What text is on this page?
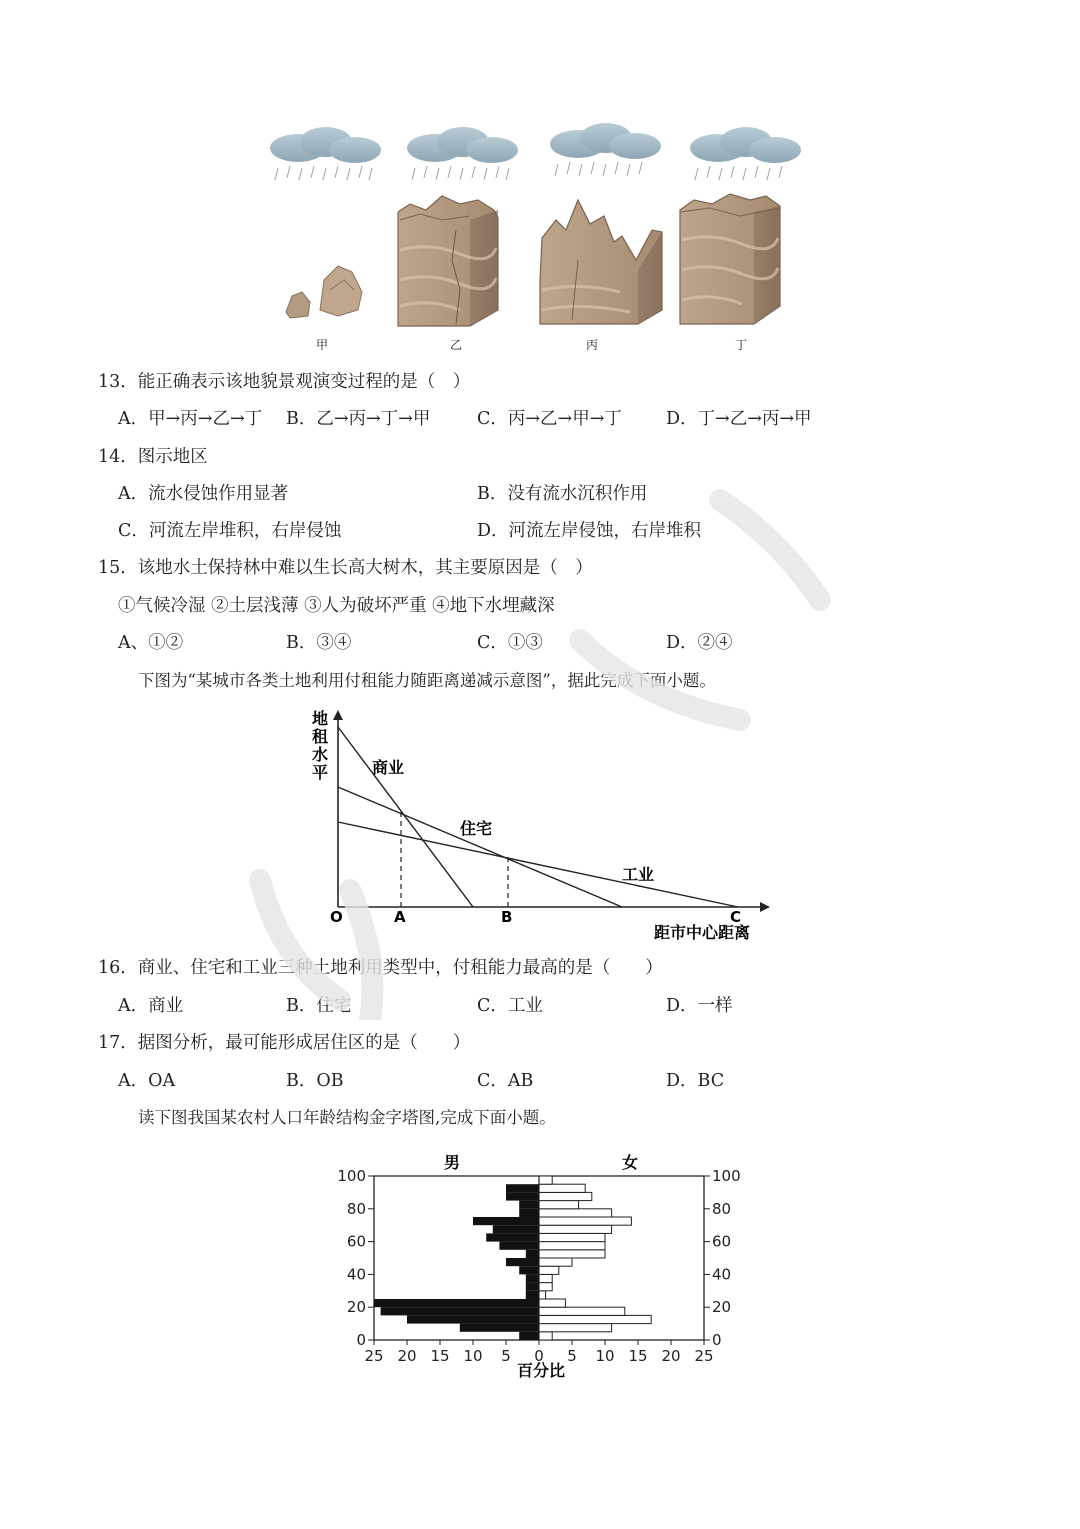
甲	乙	丙	丁
13．能正确表示该地貌景观演变过程的是（　）
A．甲→丙→乙→丁 B．乙→丙→丁→甲	C．丙→乙→甲→丁	D．丁→乙→丙→甲
14．图示地区
A．流水侵蚀作用显著	B．没有流水沉积作用
C．河流左岸堆积，右岸侵蚀	D．河流左岸侵蚀，右岸堆积
15．该地水土保持林中难以生长高大树木，其主要原因是（　）
①气候冷湿 ②土层浅薄 ③人为破坏严重 ④地下水埋藏深
A、①②	B．③④	C．①③	D．②④
下图为“某城市各类土地利用付租能力随距离递减示意图”，据此完成下面小题。
地
租
水
平	商业
住宅
工业
O	A	B	C
距市中心距离
16．商业、住宅和工业三种土地利用类型中，付租能力最高的是（　　）
A．商业	B．住宅	C．工业	D．一样
17．据图分析，最可能形成居住区的是（　　）
A．OA	B．OB	C．AB	D．BC
读下图我国某农村人口年龄结构金字塔图,完成下面小题。
0	0
20	20
40	40
60	60
80	80
100	100
25 20 15 10 5 0 5 10 15 20 25
男	女
百分比
